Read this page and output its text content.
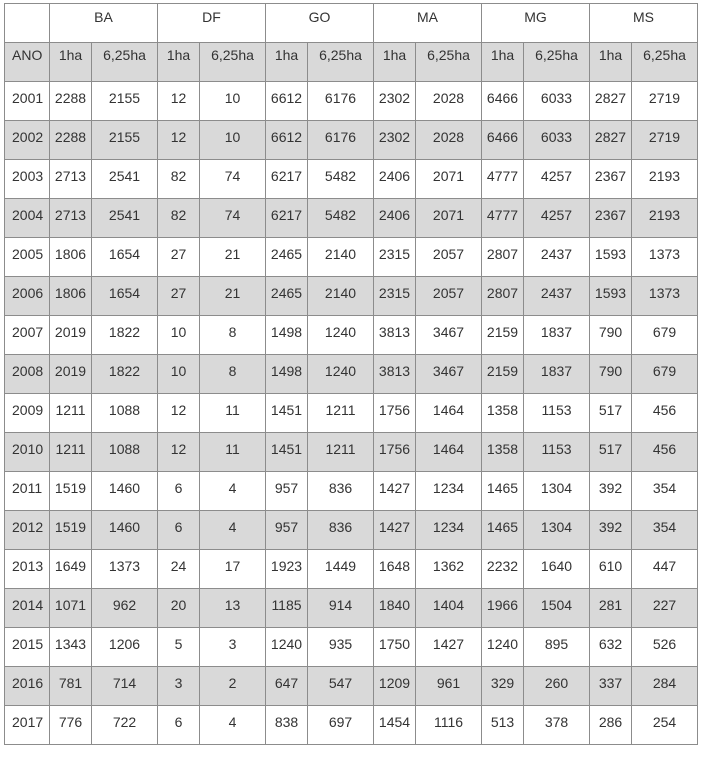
	BA		DF		GO		MA		MG		MS	
ANO	1ha	6,25ha	1ha	6,25ha	1ha	6,25ha	1ha	6,25ha	1ha	6,25ha	1ha	6,25ha
2001	2288	2155	12	10	6612	6176	2302	2028	6466	6033	2827	2719
2002	2288	2155	12	10	6612	6176	2302	2028	6466	6033	2827	2719
2003	2713	2541	82	74	6217	5482	2406	2071	4777	4257	2367	2193
2004	2713	2541	82	74	6217	5482	2406	2071	4777	4257	2367	2193
2005	1806	1654	27	21	2465	2140	2315	2057	2807	2437	1593	1373
2006	1806	1654	27	21	2465	2140	2315	2057	2807	2437	1593	1373
2007	2019	1822	10	8	1498	1240	3813	3467	2159	1837	790	679
2008	2019	1822	10	8	1498	1240	3813	3467	2159	1837	790	679
2009	1211	1088	12	11	1451	1211	1756	1464	1358	1153	517	456
2010	1211	1088	12	11	1451	1211	1756	1464	1358	1153	517	456
2011	1519	1460	6	4	957	836	1427	1234	1465	1304	392	354
2012	1519	1460	6	4	957	836	1427	1234	1465	1304	392	354
2013	1649	1373	24	17	1923	1449	1648	1362	2232	1640	610	447
2014	1071	962	20	13	1185	914	1840	1404	1966	1504	281	227
2015	1343	1206	5	3	1240	935	1750	1427	1240	895	632	526
2016	781	714	3	2	647	547	1209	961	329	260	337	284
2017	776	722	6	4	838	697	1454	1116	513	378	286	254
